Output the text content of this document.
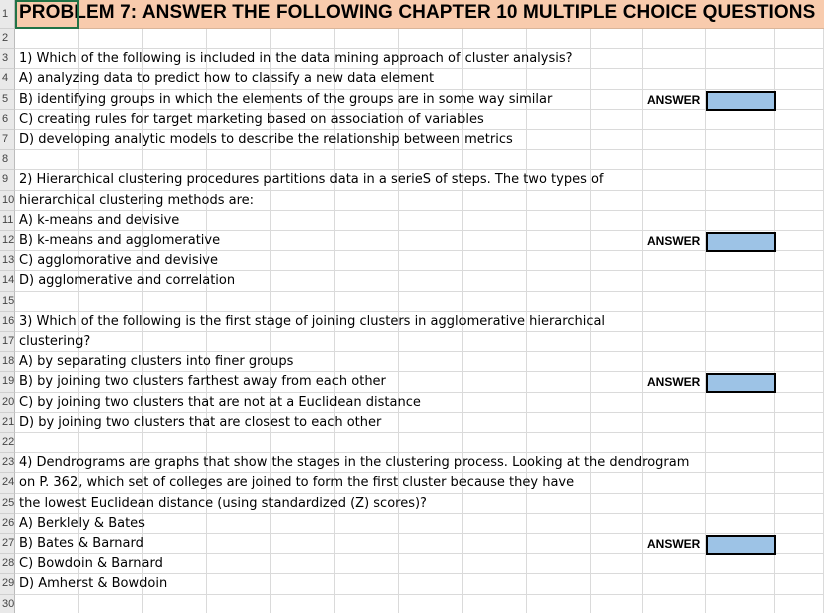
1 PROBLEM 7: ANSWER THE FOLLOWING CHAPTER 10 MULTIPLE CHOICE QUESTIONS
2
3 1) Which of the following is included in the data mining approach of cluster analysis?
4 A) analyzing data to predict how to classify a new data element
5 B) identifying groups in which the elements of the groups are in some way similar	ANSWER
6 C) creating rules for target marketing based on association of variables
7 D) developing analytic models to describe the relationship between metrics
8
9 2) Hierarchical clustering procedures partitions data in a serieS of steps. The two types of
10 hierarchical clustering methods are:
11 A) k-means and devisive
12 B) k-means and agglomerative	ANSWER
13 C) agglomorative and devisive
14 D) agglomerative and correlation
15
16 3) Which of the following is the first stage of joining clusters in agglomerative hierarchical
17 clustering?
18 A) by separating clusters into finer groups
19 B) by joining two clusters farthest away from each other	ANSWER
20 C) by joining two clusters that are not at a Euclidean distance
21 D) by joining two clusters that are closest to each other
22
23 4) Dendrograms are graphs that show the stages in the clustering process. Looking at the dendrogram
24 on P. 362, which set of colleges are joined to form the first cluster because they have
25 the lowest Euclidean distance (using standardized (Z) scores)?
26 A) Berklely & Bates
27 B) Bates & Barnard	ANSWER
28 C) Bowdoin & Barnard
29 D) Amherst & Bowdoin
30
